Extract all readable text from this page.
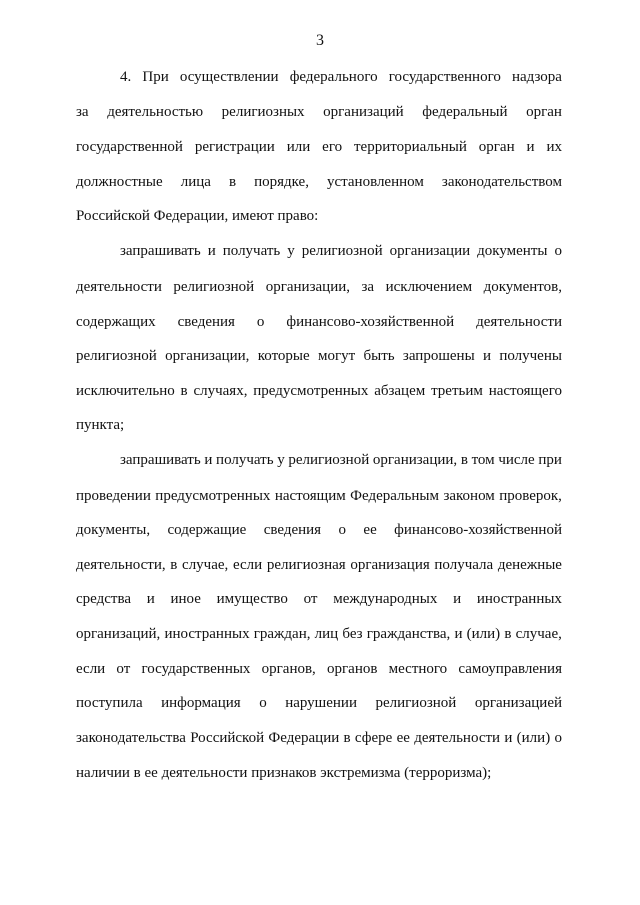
3
4. При осуществлении федерального государственного надзора
за деятельностью религиозных организаций федеральный орган
государственной регистрации или его территориальный орган и их
должностные лица в порядке, установленном законодательством
Российской Федерации, имеют право:
запрашивать и получать у религиозной организации документы о
деятельности религиозной организации, за исключением документов,
содержащих сведения о финансово-хозяйственной деятельности
религиозной организации, которые могут быть запрошены и получены
исключительно в случаях, предусмотренных абзацем третьим настоящего
пункта;
запрашивать и получать у религиозной организации, в том числе при
проведении предусмотренных настоящим Федеральным законом проверок,
документы, содержащие сведения о ее финансово-хозяйственной
деятельности, в случае, если религиозная организация получала денежные
средства и иное имущество от международных и иностранных
организаций, иностранных граждан, лиц без гражданства, и (или) в случае,
если от государственных органов, органов местного самоуправления
поступила информация о нарушении религиозной организацией
законодательства Российской Федерации в сфере ее деятельности и (или) о
наличии в ее деятельности признаков экстремизма (терроризма);
